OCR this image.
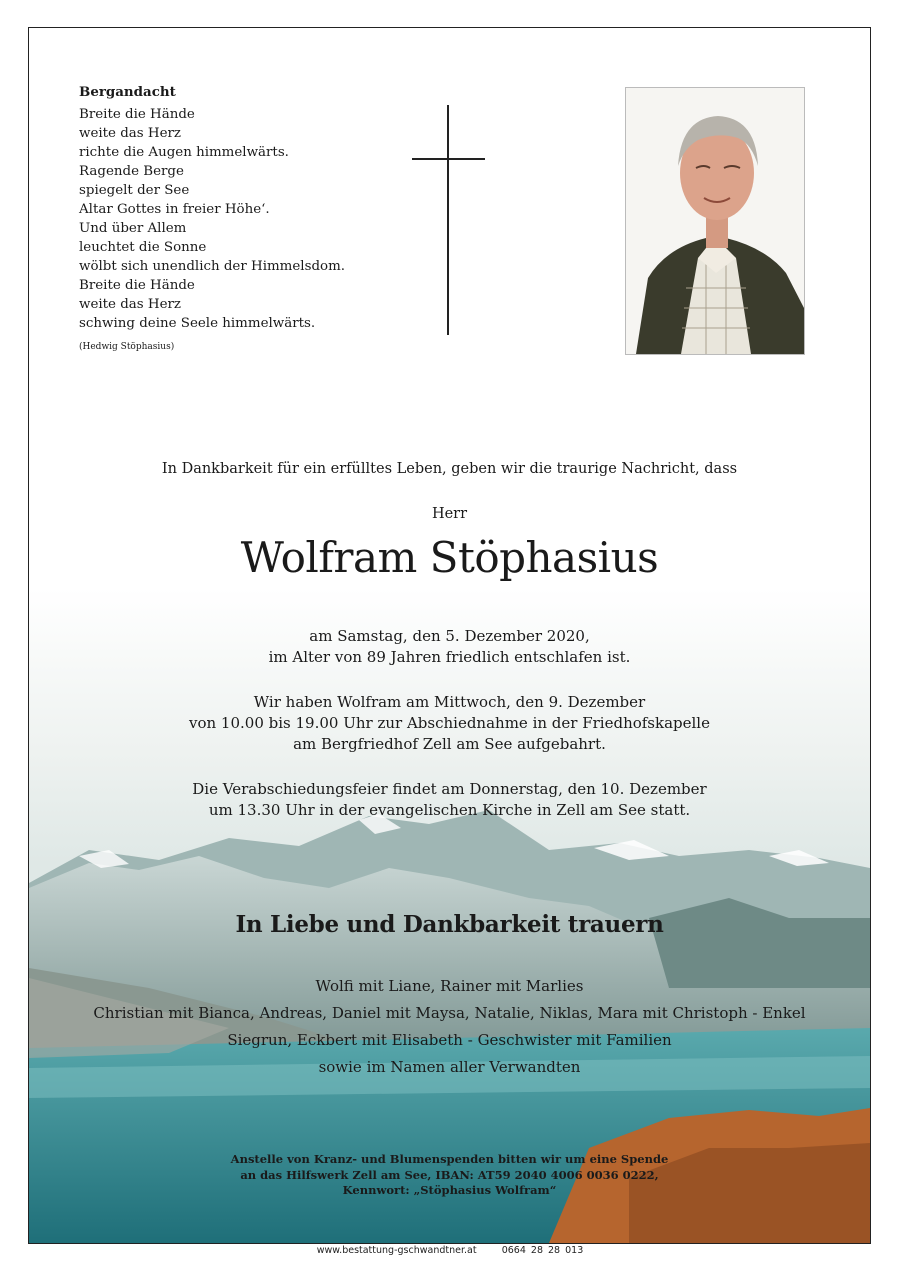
Bergandacht
Breite die Hände
weite das Herz
richte die Augen himmelwärts.
Ragende Berge
spiegelt der See
Altar Gottes in freier Höhe‘.
Und über Allem
leuchtet die Sonne
wölbt sich unendlich der Himmelsdom.
Breite die Hände
weite das Herz
schwing deine Seele himmelwärts.
(Hedwig Stöphasius)
In Dankbarkeit für ein erfülltes Leben, geben wir die traurige Nachricht, dass
Herr
Wolfram Stöphasius
am Samstag, den 5. Dezember 2020,
im Alter von 89 Jahren friedlich entschlafen ist.
Wir haben Wolfram am Mittwoch, den 9. Dezember
von 10.00 bis 19.00 Uhr zur Abschiednahme in der Friedhofskapelle
am Bergfriedhof Zell am See aufgebahrt.
Die Verabschiedungsfeier findet am Donnerstag, den 10. Dezember
um 13.30 Uhr in der evangelischen Kirche in Zell am See statt.
In Liebe und Dankbarkeit trauern
Wolfi mit Liane, Rainer mit Marlies
Christian mit Bianca, Andreas, Daniel mit Maysa, Natalie, Niklas, Mara mit Christoph - Enkel
Siegrun, Eckbert mit Elisabeth - Geschwister mit Familien
sowie im Namen aller Verwandten
Anstelle von Kranz- und Blumenspenden bitten wir um eine Spende
an das Hilfswerk Zell am See, IBAN: AT59 2040 4006 0036 0222,
Kennwort: „Stöphasius Wolfram“
www.bestattung-gschwandtner.at	0664 28 28 013
